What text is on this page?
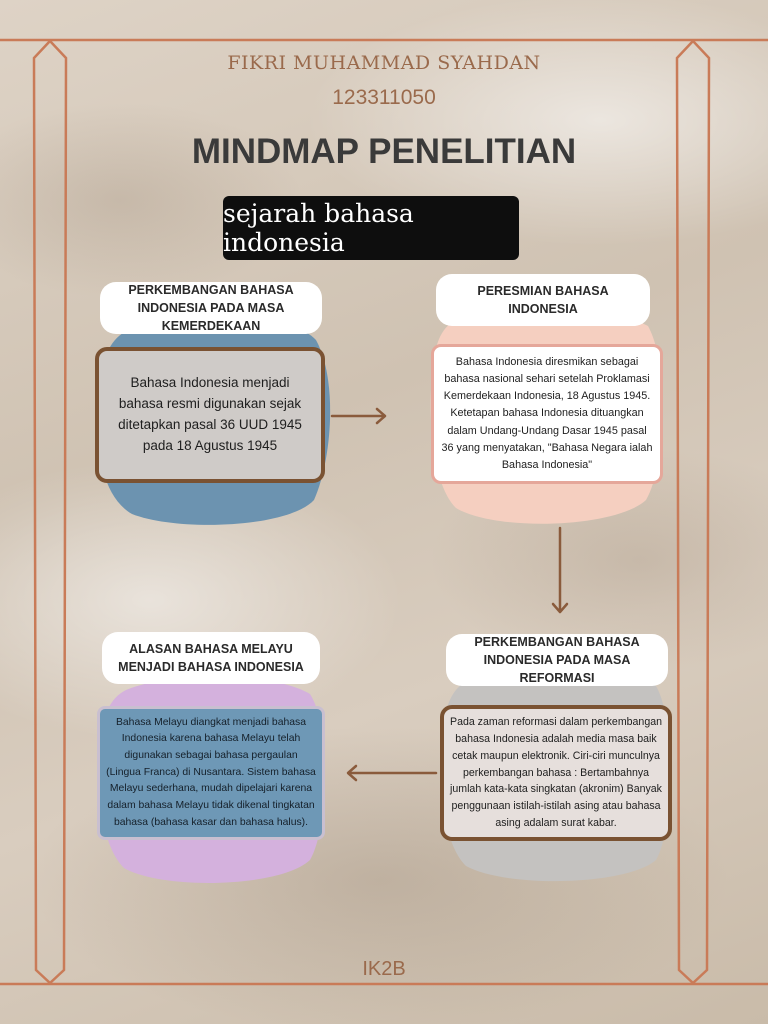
FIKRI MUHAMMAD SYAHDAN
123311050
MINDMAP PENELITIAN
sejarah bahasa indonesia
PERKEMBANGAN BAHASA INDONESIA PADA MASA KEMERDEKAAN
Bahasa Indonesia menjadi bahasa resmi digunakan sejak ditetapkan pasal 36 UUD 1945 pada 18 Agustus 1945
PERESMIAN BAHASA INDONESIA
Bahasa Indonesia diresmikan sebagai bahasa nasional sehari setelah Proklamasi Kemerdekaan Indonesia, 18 Agustus 1945. Ketetapan bahasa Indonesia dituangkan dalam Undang-Undang Dasar 1945 pasal 36 yang menyatakan, "Bahasa Negara ialah Bahasa Indonesia"
PERKEMBANGAN BAHASA INDONESIA PADA MASA REFORMASI
Pada zaman reformasi dalam perkembangan bahasa Indonesia adalah media masa baik cetak maupun elektronik. Ciri-ciri munculnya perkembangan bahasa : Bertambahnya jumlah kata-kata singkatan (akronim) Banyak penggunaan istilah-istilah asing atau bahasa asing adalam surat kabar.
ALASAN BAHASA MELAYU MENJADI BAHASA INDONESIA
Bahasa Melayu diangkat menjadi bahasa Indonesia karena bahasa Melayu telah digunakan sebagai bahasa pergaulan (Lingua Franca) di Nusantara. Sistem bahasa Melayu sederhana, mudah dipelajari karena dalam bahasa Melayu tidak dikenal tingkatan bahasa (bahasa kasar dan bahasa halus).
IK2B
